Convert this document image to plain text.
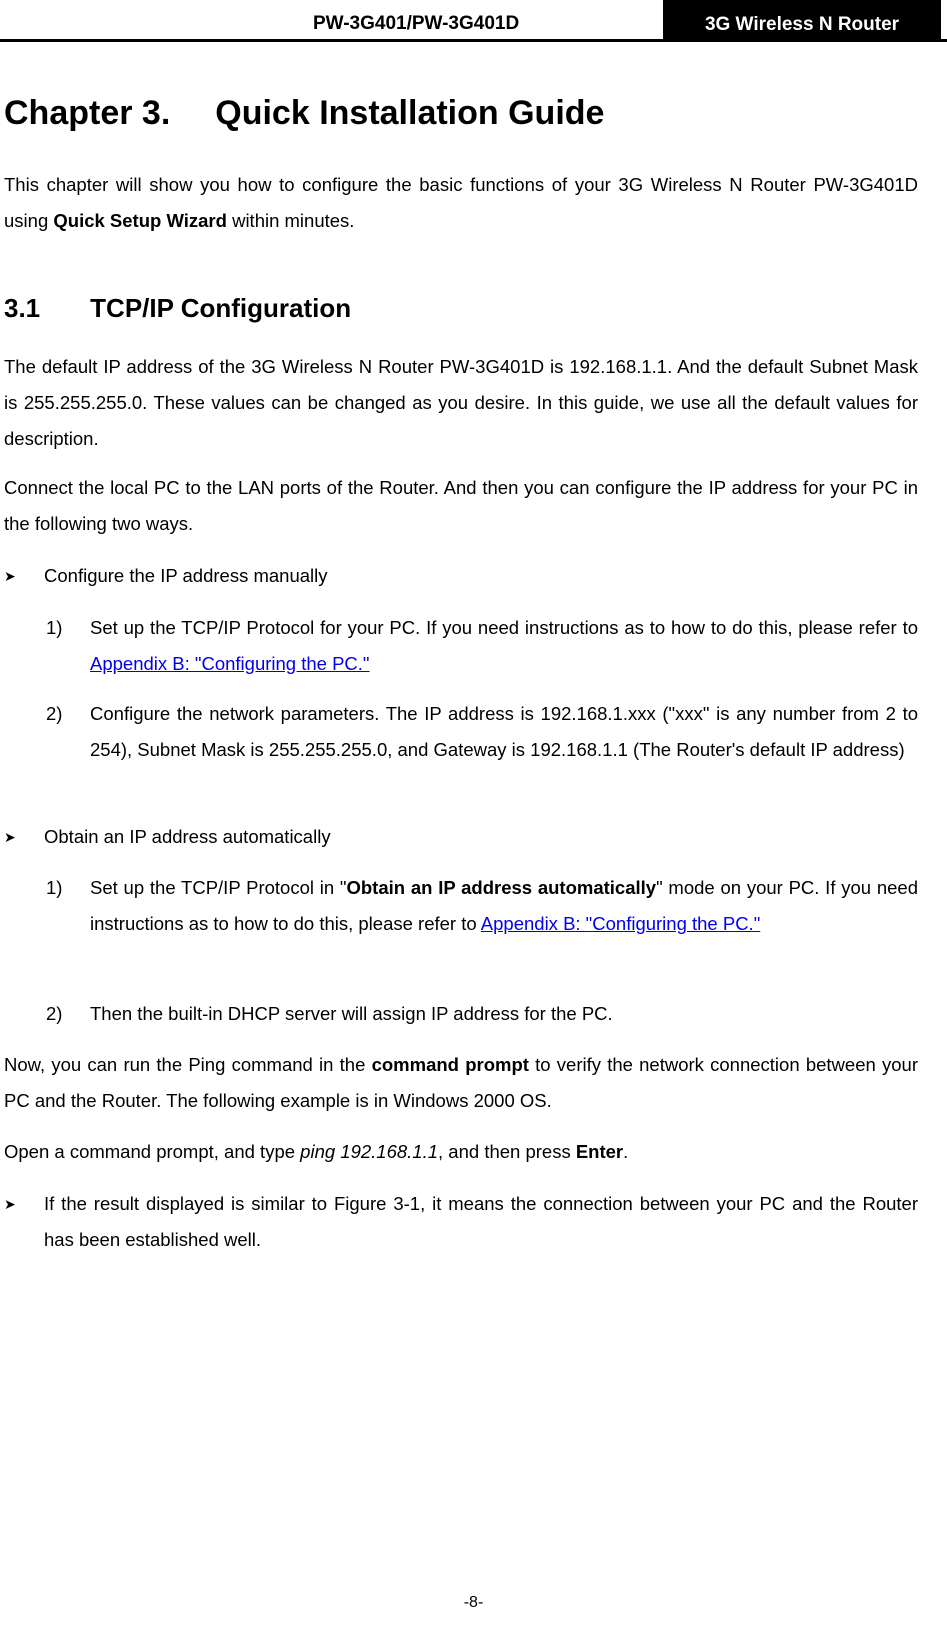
PW-3G401/PW-3G401D	3G Wireless N Router
Chapter 3. Quick Installation Guide

This chapter will show you how to configure the basic functions of your 3G Wireless N Router PW-3G401D using Quick Setup Wizard within minutes.

3.1 TCP/IP Configuration

The default IP address of the 3G Wireless N Router PW-3G401D is 192.168.1.1. And the default Subnet Mask is 255.255.255.0. These values can be changed as you desire. In this guide, we use all the default values for description.

Connect the local PC to the LAN ports of the Router. And then you can configure the IP address for your PC in the following two ways.

➤ Configure the IP address manually
1) Set up the TCP/IP Protocol for your PC. If you need instructions as to how to do this, please refer to Appendix B: "Configuring the PC."
2) Configure the network parameters. The IP address is 192.168.1.xxx ("xxx" is any number from 2 to 254), Subnet Mask is 255.255.255.0, and Gateway is 192.168.1.1 (The Router's default IP address)
➤ Obtain an IP address automatically
1) Set up the TCP/IP Protocol in "Obtain an IP address automatically" mode on your PC. If you need instructions as to how to do this, please refer to Appendix B: "Configuring the PC."
2) Then the built-in DHCP server will assign IP address for the PC.

Now, you can run the Ping command in the command prompt to verify the network connection between your PC and the Router. The following example is in Windows 2000 OS.

Open a command prompt, and type ping 192.168.1.1, and then press Enter.

➤ If the result displayed is similar to Figure 3-1, it means the connection between your PC and the Router has been established well.
-8-
